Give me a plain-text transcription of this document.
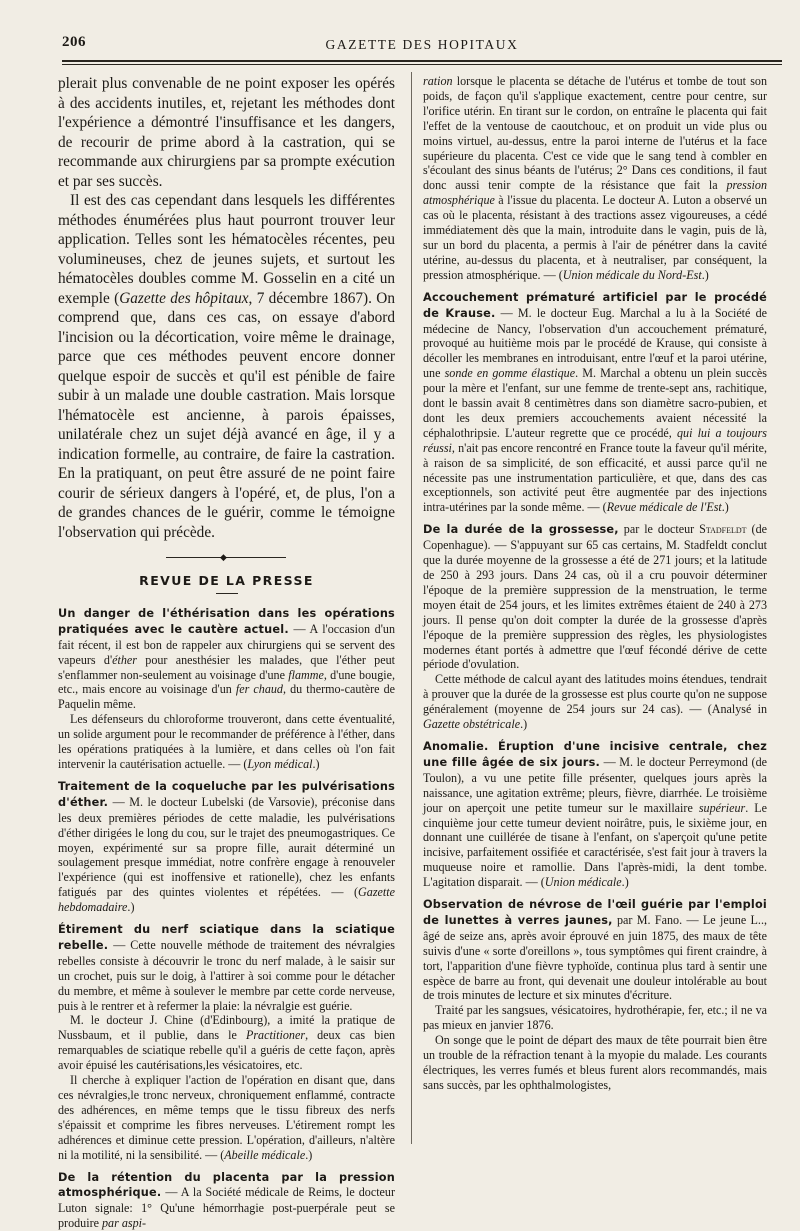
206	GAZETTE DES HOPITAUX

plerait plus convenable de ne point exposer les opérés à des accidents inutiles, et, rejetant les méthodes dont l'expérience a démontré l'insuffisance et les dangers, de recourir de prime abord à la castration, qui se recommande aux chirurgiens par sa prompte exécution et par ses succès.

Il est des cas cependant dans lesquels les différentes méthodes énumérées plus haut pourront trouver leur application. Telles sont les hématocèles récentes, peu volumineuses, chez de jeunes sujets, et surtout les hématocèles doubles comme M. Gosselin en a cité un exemple (Gazette des hôpitaux, 7 décembre 1867). On comprend que, dans ces cas, on essaye d'abord l'incision ou la décortication, voire même le drainage, parce que ces méthodes peuvent encore donner quelque espoir de succès et qu'il est pénible de faire subir à un malade une double castration. Mais lorsque l'hématocèle est ancienne, à parois épaisses, unilatérale chez un sujet déjà avancé en âge, il y a indication formelle, au contraire, de faire la castration. En la pratiquant, on peut être assuré de ne point faire courir de sérieux dangers à l'opéré, et, de plus, l'on a de grandes chances de le guérir, comme le témoigne l'observation qui précède.

◆
REVUE DE LA PRESSE

Un danger de l'éthérisation dans les opérations pratiquées avec le cautère actuel. — A l'occasion d'un fait récent, il est bon de rappeler aux chirurgiens qui se servent des vapeurs d'éther pour anesthésier les malades, que l'éther peut s'enflammer non-seulement au voisinage d'une flamme, d'une bougie, etc., mais encore au voisinage d'un fer chaud, du thermo-cautère de Paquelin même.

Les défenseurs du chloroforme trouveront, dans cette éventualité, un solide argument pour le recommander de préférence à l'éther, dans les opérations pratiquées à la lumière, et dans celles où l'on fait intervenir la cautérisation actuelle. — (Lyon médical.)

Traitement de la coqueluche par les pulvérisations d'éther. — M. le docteur Lubelski (de Varsovie), préconise dans les deux premières périodes de cette maladie, les pulvérisations d'éther dirigées le long du cou, sur le trajet des pneumogastriques. Ce moyen, expérimenté sur sa propre fille, aurait déterminé un soulagement presque immédiat, notre confrère engage à renouveler l'expérience (qui est inoffensive et rationelle), chez les enfants fatigués par des quintes violentes et répétées. — (Gazette hebdomadaire.)

Étirement du nerf sciatique dans la sciatique rebelle. — Cette nouvelle méthode de traitement des névralgies rebelles consiste à découvrir le tronc du nerf malade, à le saisir sur un crochet, puis sur le doig, à l'attirer à soi comme pour le détacher du membre, et même à soulever le membre par cette corde nerveuse, puis à le rentrer et à refermer la plaie: la névralgie est guérie.

M. le docteur J. Chine (d'Edinbourg), a imité la pratique de Nussbaum, et il publie, dans le Practitioner, deux cas bien remarquables de sciatique rebelle qu'il a guéris de cette façon, après avoir épuisé les cautérisations,les vésicatoires, etc.

Il cherche à expliquer l'action de l'opération en disant que, dans ces névralgies,le tronc nerveux, chroniquement enflammé, contracte des adhérences, en même temps que le tissu fibreux des nerfs s'épaissit et comprime les fibres nerveuses. L'étirement rompt les adhérences et diminue cette pression. L'opération, d'ailleurs, n'altère ni la motilité, ni la sensibilité. — (Abeille médicale.)

De la rétention du placenta par la pression atmosphérique. — A la Société médicale de Reims, le docteur Luton signale: 1° Qu'une hémorrhagie post-puerpérale peut se produire par aspi-

ration lorsque le placenta se détache de l'utérus et tombe de tout son poids, de façon qu'il s'applique exactement, centre pour centre, sur l'orifice utérin. En tirant sur le cordon, on entraîne le placenta qui fait l'effet de la ventouse de caoutchouc, et on produit un vide plus ou moins virtuel, au-dessus, entre la paroi interne de l'utérus et la face supérieure du placenta. C'est ce vide que le sang tend à combler en s'écoulant des sinus béants de l'utérus; 2° Dans ces conditions, il faut donc aussi tenir compte de la résistance que fait la pression atmosphérique à l'issue du placenta. Le docteur A. Luton a observé un cas où le placenta, résistant à des tractions assez vigoureuses, a cédé immédiatement dès que la main, introduite dans le vagin, puis de là, sur un bord du placenta, a permis à l'air de pénétrer dans la cavité utérine, au-dessus du placenta, et à neutraliser, par conséquent, la pression atmosphérique. — (Union médicale du Nord-Est.)

Accouchement prématuré artificiel par le procédé de Krause. — M. le docteur Eug. Marchal a lu à la Société de médecine de Nancy, l'observation d'un accouchement prématuré, provoqué au huitième mois par le procédé de Krause, qui consiste à décoller les membranes en introduisant, entre l'œuf et la paroi utérine, une sonde en gomme élastique. M. Marchal a obtenu un plein succès pour la mère et l'enfant, sur une femme de trente-sept ans, rachitique, dont le bassin avait 8 centimètres dans son diamètre sacro-pubien, et dont les deux premiers accouchements avaient nécessité la céphalothripsie. L'auteur regrette que ce procédé, qui lui a toujours réussi, n'ait pas encore rencontré en France toute la faveur qu'il mérite, à raison de sa simplicité, de son efficacité, et aussi parce qu'il ne nécessite pas une instrumentation particulière, et que, dans des cas exceptionnels, son activité peut être augmentée par des injections intra-utérines par la sonde même. — (Revue médicale de l'Est.)

De la durée de la grossesse, par le docteur Stadfeldt (de Copenhague). — S'appuyant sur 65 cas certains, M. Stadfeldt conclut que la durée moyenne de la grossesse a été de 271 jours; et la latitude de 250 à 293 jours. Dans 24 cas, où il a cru pouvoir déterminer l'époque de la première suppression de la menstruation, le terme moyen était de 254 jours, et les limites extrêmes étaient de 240 à 273 jours. Il pense qu'on doit compter la durée de la grossesse d'après l'époque de la première suppression des règles, les physiologistes modernes étant portés à admettre que l'œuf fécondé dérive de cette période d'ovulation.

Cette méthode de calcul ayant des latitudes moins étendues, tendrait à prouver que la durée de la grossesse est plus courte qu'on ne suppose généralement (moyenne de 254 jours sur 24 cas). — (Analysé in Gazette obstétricale.)

Anomalie. Éruption d'une incisive centrale, chez une fille âgée de six jours. — M. le docteur Perreymond (de Toulon), a vu une petite fille présenter, quelques jours après la naissance, une agitation extrême; pleurs, fièvre, diarrhée. Le troisième jour on aperçoit une petite tumeur sur le maxillaire supérieur. Le cinquième jour cette tumeur devient noirâtre, puis, le sixième jour, en donnant une cuillérée de tisane à l'enfant, on s'aperçoit qu'une petite incisive, parfaitement ossifiée et caractérisée, s'est fait jour à travers la muqueuse noire et ramollie. Dans l'après-midi, la dent tombe. L'agitation disparait. — (Union médicale.)

Observation de névrose de l'œil guérie par l'emploi de lunettes à verres jaunes, par M. Fano. — Le jeune L.., âgé de seize ans, après avoir éprouvé en juin 1875, des maux de tête suivis d'une « sorte d'oreillons », tous symptômes qui firent craindre, à tort, l'apparition d'une fièvre typhoïde, continua plus tard à sentir une espèce de barre au front, qui devenait une douleur intolérable au bout de trois minutes de lecture et six minutes d'écriture.

Traité par les sangsues, vésicatoires, hydrothérapie, fer, etc.; il ne va pas mieux en janvier 1876.

On songe que le point de départ des maux de tête pourrait bien être un trouble de la réfraction tenant à la myopie du malade. Les courants électriques, les verres fumés et bleus furent alors recommandés, mais sans succès, par les ophthalmologistes,
